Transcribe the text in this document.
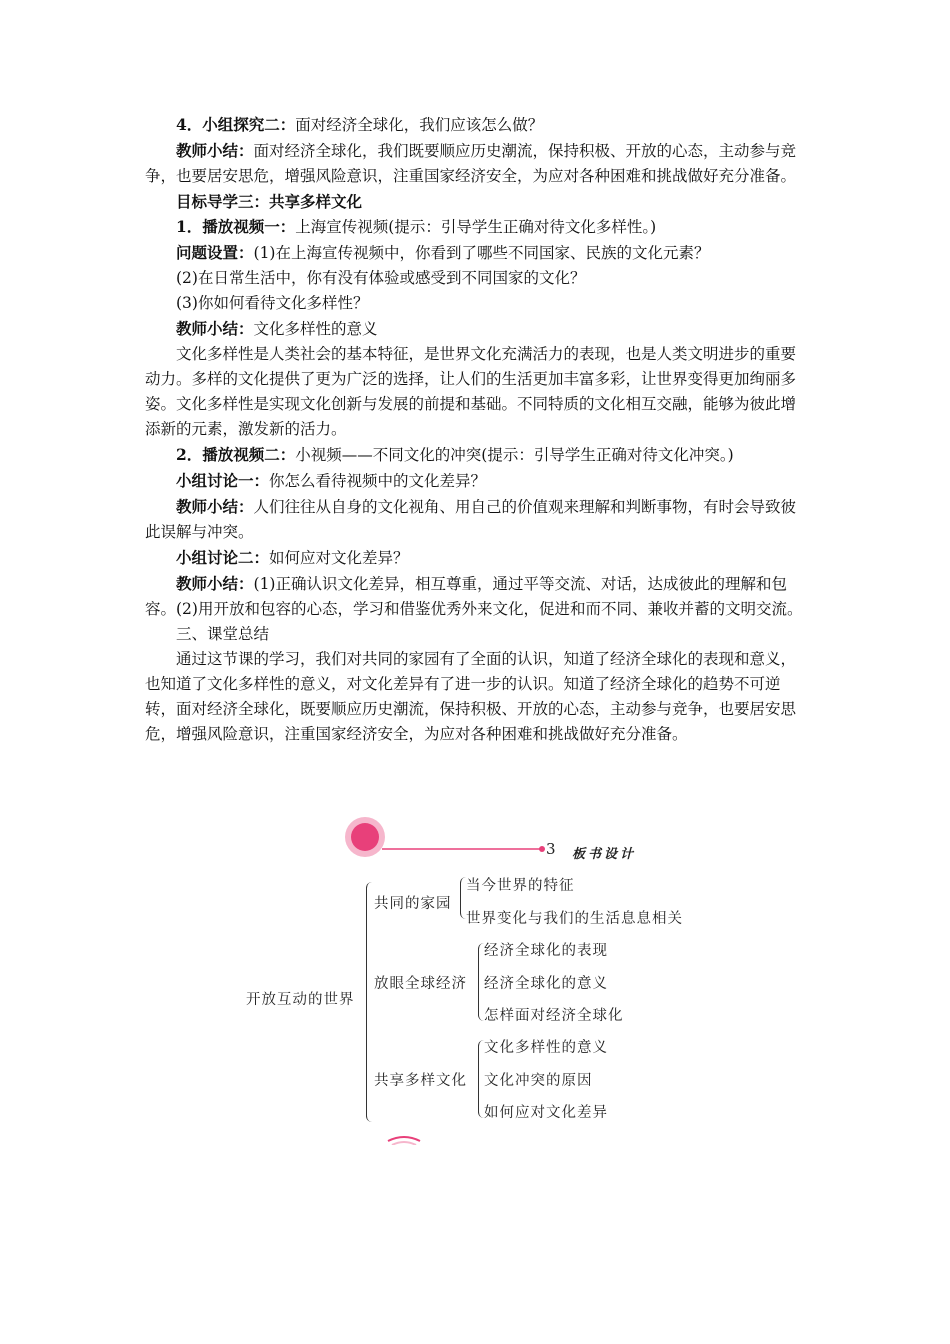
4．小组探究二：面对经济全球化，我们应该怎么做？

教师小结：面对经济全球化，我们既要顺应历史潮流，保持积极、开放的心态，主动参与竞争，也要居安思危，增强风险意识，注重国家经济安全，为应对各种困难和挑战做好充分准备。

目标导学三：共享多样文化

1．播放视频一：上海宣传视频(提示：引导学生正确对待文化多样性。)

问题设置：(1)在上海宣传视频中，你看到了哪些不同国家、民族的文化元素？

(2)在日常生活中，你有没有体验或感受到不同国家的文化？

(3)你如何看待文化多样性？

教师小结：文化多样性的意义

文化多样性是人类社会的基本特征，是世界文化充满活力的表现，也是人类文明进步的重要动力。多样的文化提供了更为广泛的选择，让人们的生活更加丰富多彩，让世界变得更加绚丽多姿。文化多样性是实现文化创新与发展的前提和基础。不同特质的文化相互交融，能够为彼此增添新的元素，激发新的活力。

2．播放视频二：小视频——不同文化的冲突(提示：引导学生正确对待文化冲突。)

小组讨论一：你怎么看待视频中的文化差异？

教师小结：人们往往从自身的文化视角、用自己的价值观来理解和判断事物，有时会导致彼此误解与冲突。

小组讨论二：如何应对文化差异？

教师小结：(1)正确认识文化差异，相互尊重，通过平等交流、对话，达成彼此的理解和包容。(2)用开放和包容的心态，学习和借鉴优秀外来文化，促进和而不同、兼收并蓄的文明交流。

三、课堂总结

通过这节课的学习，我们对共同的家园有了全面的认识，知道了经济全球化的表现和意义，也知道了文化多样性的意义，对文化差异有了进一步的认识。知道了经济全球化的趋势不可逆转，面对经济全球化，既要顺应历史潮流，保持积极、开放的心态，主动参与竞争，也要居安思危，增强风险意识，注重国家经济安全，为应对各种困难和挑战做好充分准备。

3 板书设计
开放互动的世界
共同的家园
当今世界的特征
世界变化与我们的生活息息相关
放眼全球经济
经济全球化的表现
经济全球化的意义
怎样面对经济全球化
共享多样文化
文化多样性的意义
文化冲突的原因
如何应对文化差异
